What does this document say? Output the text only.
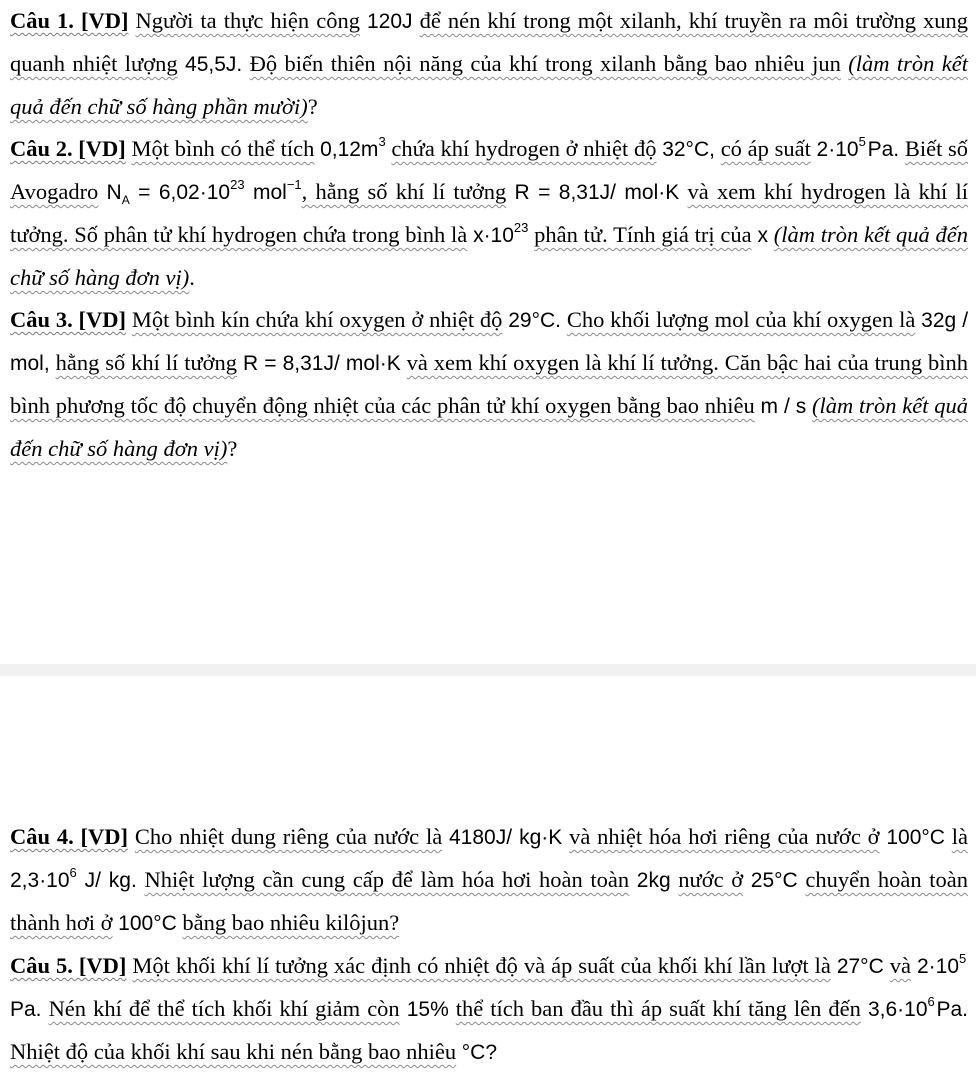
Câu 1. [VD] Người ta thực hiện công 120J để nén khí trong một xilanh, khí truyền ra môi trường xung quanh nhiệt lượng 45,5J. Độ biến thiên nội năng của khí trong xilanh bằng bao nhiêu jun (làm tròn kết quả đến chữ số hàng phần mười)?

Câu 2. [VD] Một bình có thể tích $0,12m^3$ chứa khí hydrogen ở nhiệt độ 32°C, có áp suất $2\cdot 10^5$ Pa. Biết số Avogadro $N_A = 6,02\cdot 10^{23}$ mol$^{-1}$, hằng số khí lí tưởng R = 8,31J/ mol·K và xem khí hydrogen là khí lí tưởng. Số phân tử khí hydrogen chứa trong bình là $x\cdot 10^{23}$ phân tử. Tính giá trị của x (làm tròn kết quả đến chữ số hàng đơn vị).

Câu 3. [VD] Một bình kín chứa khí oxygen ở nhiệt độ 29°C. Cho khối lượng mol của khí oxygen là 32g / mol, hằng số khí lí tưởng R = 8,31J/ mol·K và xem khí oxygen là khí lí tưởng. Căn bậc hai của trung bình bình phương tốc độ chuyển động nhiệt của các phân tử khí oxygen bằng bao nhiêu m / s (làm tròn kết quả đến chữ số hàng đơn vị)?

Câu 4. [VD] Cho nhiệt dung riêng của nước là 4180J/ kg·K và nhiệt hóa hơi riêng của nước ở 100°C là $2,3\cdot 10^6$ J/ kg. Nhiệt lượng cần cung cấp để làm hóa hơi hoàn toàn 2kg nước ở 25°C chuyển hoàn toàn thành hơi ở 100°C bằng bao nhiêu kilôjun?

Câu 5. [VD] Một khối khí lí tưởng xác định có nhiệt độ và áp suất của khối khí lần lượt là 27°C và $2\cdot 10^5$ Pa. Nén khí để thể tích khối khí giảm còn 15% thể tích ban đầu thì áp suất khí tăng lên đến $3,6\cdot 10^6$ Pa. Nhiệt độ của khối khí sau khi nén bằng bao nhiêu °C?
